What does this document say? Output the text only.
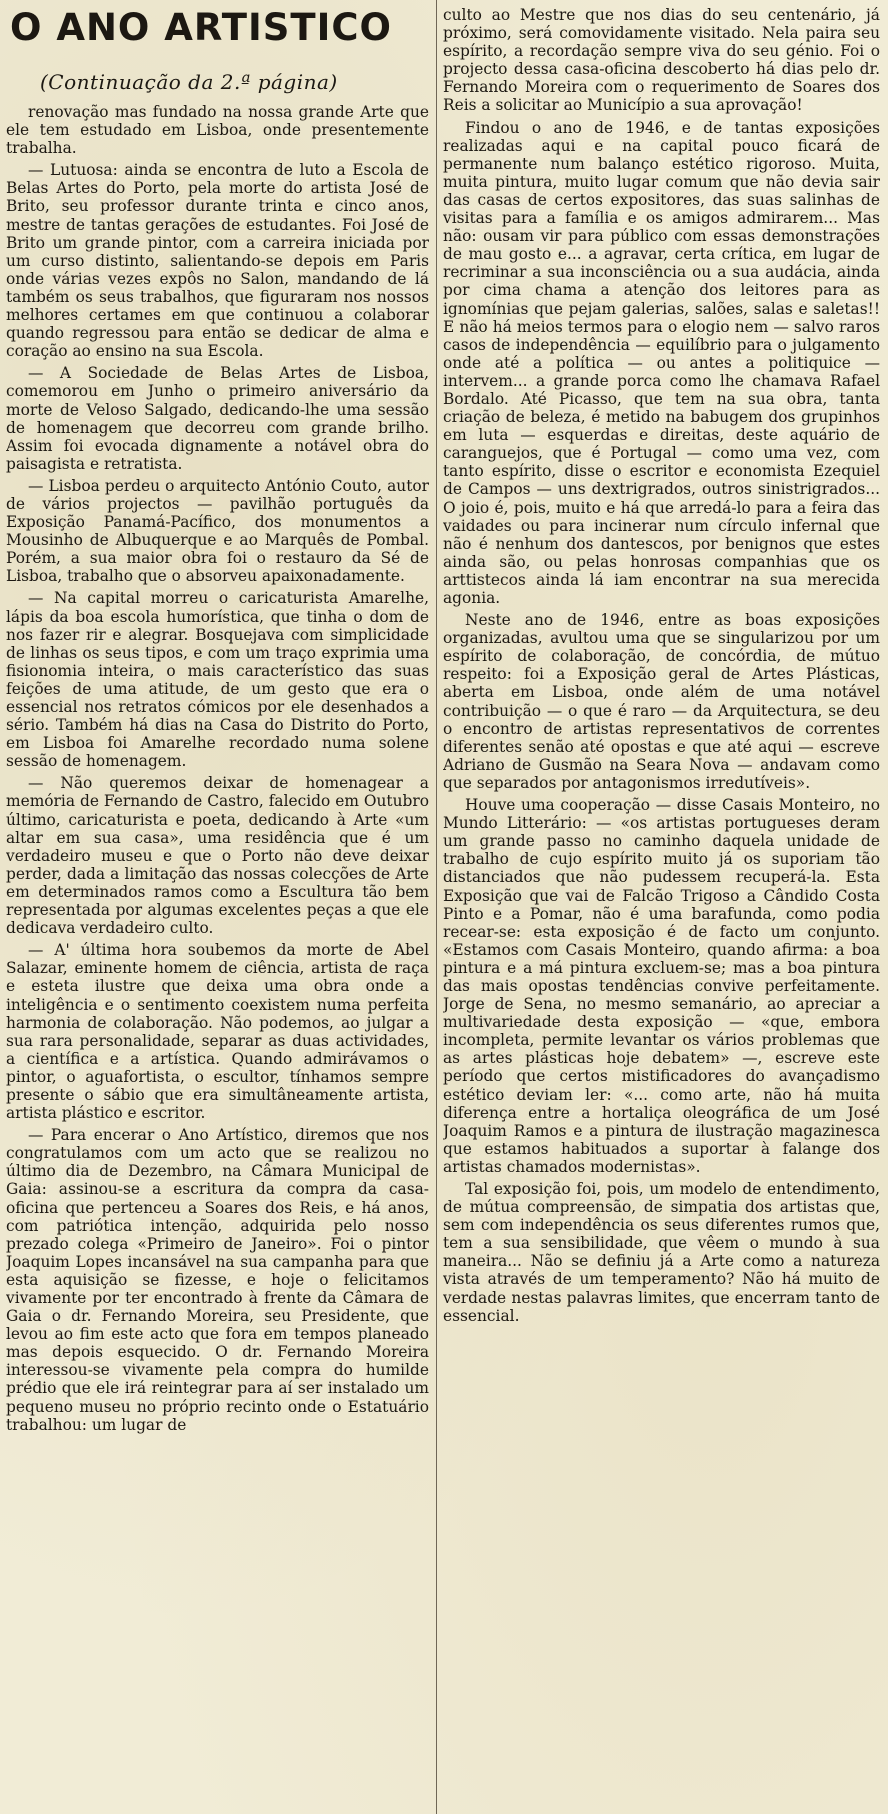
O ANO ARTISTICO

(Continuação da 2.ª página)

renovação mas fundado na nossa grande Arte que ele tem estudado em Lisboa, onde presentemente trabalha.

— Lutuosa: ainda se encontra de luto a Escola de Belas Artes do Porto, pela morte do artista José de Brito, seu professor durante trinta e cinco anos, mestre de tantas gerações de estudantes. Foi José de Brito um grande pintor, com a carreira iniciada por um curso distinto, salientando-se depois em Paris onde várias vezes expôs no Salon, mandando de lá também os seus trabalhos, que figuraram nos nossos melhores certames em que continuou a colaborar quando regressou para então se dedicar de alma e coração ao ensino na sua Escola.

— A Sociedade de Belas Artes de Lisboa, comemorou em Junho o primeiro aniversário da morte de Veloso Salgado, dedicando-lhe uma sessão de homenagem que decorreu com grande brilho. Assim foi evocada dignamente a notável obra do paisagista e retratista.

— Lisboa perdeu o arquitecto António Couto, autor de vários projectos — pavilhão português da Exposição Panamá-Pacífico, dos monumentos a Mousinho de Albuquerque e ao Marquês de Pombal. Porém, a sua maior obra foi o restauro da Sé de Lisboa, trabalho que o absorveu apaixonadamente.

— Na capital morreu o caricaturista Amarelhe, lápis da boa escola humorística, que tinha o dom de nos fazer rir e alegrar. Bosquejava com simplicidade de linhas os seus tipos, e com um traço exprimia uma fisionomia inteira, o mais característico das suas feições de uma atitude, de um gesto que era o essencial nos retratos cómicos por ele desenhados a sério. Também há dias na Casa do Distrito do Porto, em Lisboa foi Amarelhe recordado numa solene sessão de homenagem.

— Não queremos deixar de homenagear a memória de Fernando de Castro, falecido em Outubro último, caricaturista e poeta, dedicando à Arte «um altar em sua casa», uma residência que é um verdadeiro museu e que o Porto não deve deixar perder, dada a limitação das nossas colecções de Arte em determinados ramos como a Escultura tão bem representada por algumas excelentes peças a que ele dedicava verdadeiro culto.

— A' última hora soubemos da morte de Abel Salazar, eminente homem de ciência, artista de raça e esteta ilustre que deixa uma obra onde a inteligência e o sentimento coexistem numa perfeita harmonia de colaboração. Não podemos, ao julgar a sua rara personalidade, separar as duas actividades, a científica e a artística. Quando admirávamos o pintor, o aguafortista, o escultor, tínhamos sempre presente o sábio que era simultâneamente artista, artista plástico e escritor.

— Para encerar o Ano Artístico, diremos que nos congratulamos com um acto que se realizou no último dia de Dezembro, na Câmara Municipal de Gaia: assinou-se a escritura da compra da casa-oficina que pertenceu a Soares dos Reis, e há anos, com patriótica intenção, adquirida pelo nosso prezado colega «Primeiro de Janeiro». Foi o pintor Joaquim Lopes incansável na sua campanha para que esta aquisição se fizesse, e hoje o felicitamos vivamente por ter encontrado à frente da Câmara de Gaia o dr. Fernando Moreira, seu Presidente, que levou ao fim este acto que fora em tempos planeado mas depois esquecido. O dr. Fernando Moreira interessou-se vivamente pela compra do humilde prédio que ele irá reintegrar para aí ser instalado um pequeno museu no próprio recinto onde o Estatuário trabalhou: um lugar de

culto ao Mestre que nos dias do seu centenário, já próximo, será comovidamente visitado. Nela paira seu espírito, a recordação sempre viva do seu génio. Foi o projecto dessa casa-oficina descoberto há dias pelo dr. Fernando Moreira com o requerimento de Soares dos Reis a solicitar ao Município a sua aprovação!

Findou o ano de 1946, e de tantas exposições realizadas aqui e na capital pouco ficará de permanente num balanço estético rigoroso. Muita, muita pintura, muito lugar comum que não devia sair das casas de certos expositores, das suas salinhas de visitas para a família e os amigos admirarem... Mas não: ousam vir para público com essas demonstrações de mau gosto e... a agravar, certa crítica, em lugar de recriminar a sua inconsciência ou a sua audácia, ainda por cima chama a atenção dos leitores para as ignomínias que pejam galerias, salões, salas e saletas!! E não há meios termos para o elogio nem — salvo raros casos de independência — equilíbrio para o julgamento onde até a política — ou antes a politiquice — intervem... a grande porca como lhe chamava Rafael Bordalo. Até Picasso, que tem na sua obra, tanta criação de beleza, é metido na babugem dos grupinhos em luta — esquerdas e direitas, deste aquário de caranguejos, que é Portugal — como uma vez, com tanto espírito, disse o escritor e economista Ezequiel de Campos — uns dextrigrados, outros sinistrigrados... O joio é, pois, muito e há que arredá-lo para a feira das vaidades ou para incinerar num círculo infernal que não é nenhum dos dantescos, por benignos que estes ainda são, ou pelas honrosas companhias que os arttistecos ainda lá iam encontrar na sua merecida agonia.

Neste ano de 1946, entre as boas exposições organizadas, avultou uma que se singularizou por um espírito de colaboração, de concórdia, de mútuo respeito: foi a Exposição geral de Artes Plásticas, aberta em Lisboa, onde além de uma notável contribuição — o que é raro — da Arquitectura, se deu o encontro de artistas representativos de correntes diferentes senão até opostas e que até aqui — escreve Adriano de Gusmão na Seara Nova — andavam como que separados por antagonismos irredutíveis».

Houve uma cooperação — disse Casais Monteiro, no Mundo Litterário: — «os artistas portugueses deram um grande passo no caminho daquela unidade de trabalho de cujo espírito muito já os suporiam tão distanciados que não pudessem recuperá-la. Esta Exposição que vai de Falcão Trigoso a Cândido Costa Pinto e a Pomar, não é uma barafunda, como podia recear-se: esta exposição é de facto um conjunto. «Estamos com Casais Monteiro, quando afirma: a boa pintura e a má pintura excluem-se; mas a boa pintura das mais opostas tendências convive perfeitamente. Jorge de Sena, no mesmo semanário, ao apreciar a multivariedade desta exposição — «que, embora incompleta, permite levantar os vários problemas que as artes plásticas hoje debatem» —, escreve este período que certos mistificadores do avançadismo estético deviam ler: «... como arte, não há muita diferença entre a hortaliça oleográfica de um José Joaquim Ramos e a pintura de ilustração magazinesca que estamos habituados a suportar à falange dos artistas chamados modernistas».

Tal exposição foi, pois, um modelo de entendimento, de mútua compreensão, de simpatia dos artistas que, sem com independência os seus diferentes rumos que, tem a sua sensibilidade, que vêem o mundo à sua maneira... Não se definiu já a Arte como a natureza vista através de um temperamento? Não há muito de verdade nestas palavras limites, que encerram tanto de essencial.
